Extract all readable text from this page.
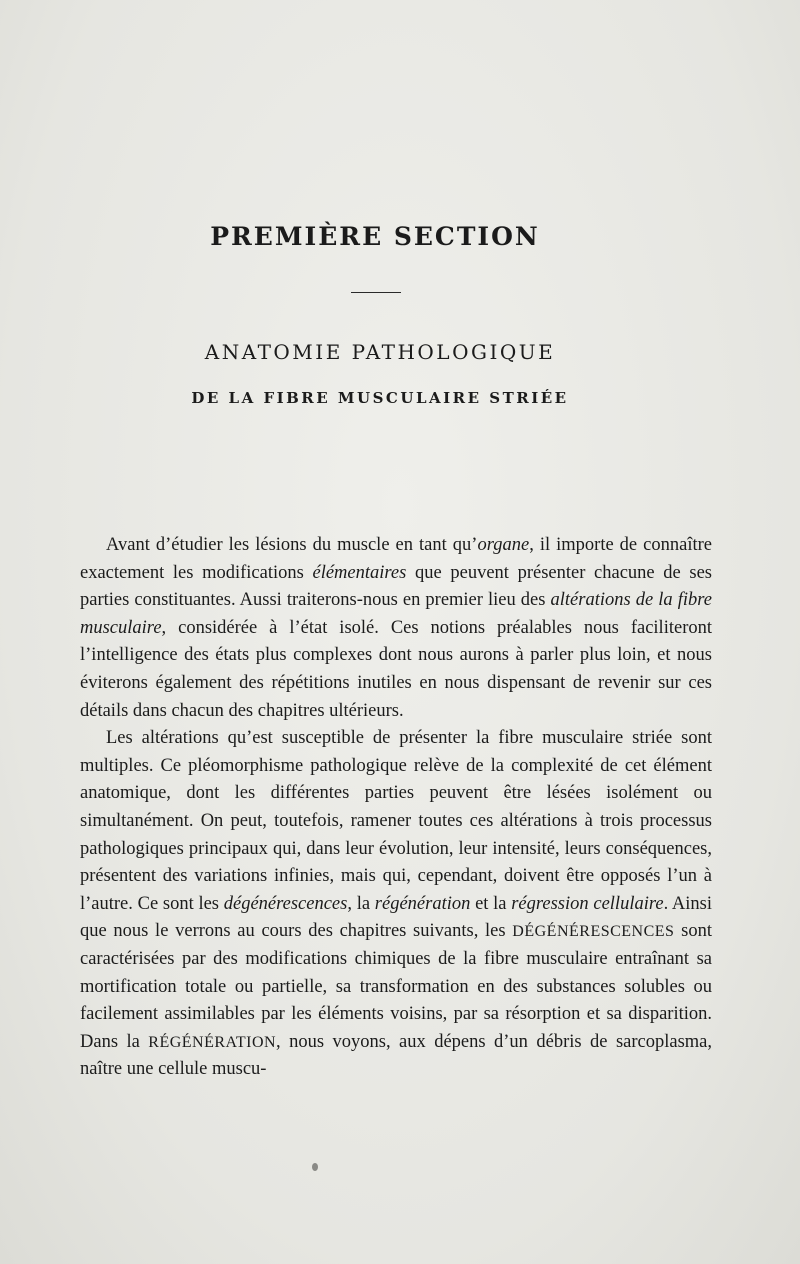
PREMIÈRE SECTION
ANATOMIE PATHOLOGIQUE
DE LA FIBRE MUSCULAIRE STRIÉE

Avant d’étudier les lésions du muscle en tant qu’organe, il importe de connaître exactement les modifications élémentaires que peuvent présenter chacune de ses parties constituantes. Aussi traiterons-nous en premier lieu des altérations de la fibre musculaire, considérée à l’état isolé. Ces notions préalables nous faciliteront l’intelligence des états plus complexes dont nous aurons à parler plus loin, et nous éviterons également des répétitions inutiles en nous dispensant de revenir sur ces détails dans chacun des chapitres ultérieurs.

Les altérations qu’est susceptible de présenter la fibre musculaire striée sont multiples. Ce pléomorphisme pathologique relève de la complexité de cet élément anatomique, dont les différentes parties peuvent être lésées isolément ou simultanément. On peut, toutefois, ramener toutes ces altérations à trois processus pathologiques principaux qui, dans leur évolution, leur intensité, leurs conséquences, présentent des variations infinies, mais qui, cependant, doivent être opposés l’un à l’autre. Ce sont les dégénérescences, la régénération et la régression cellulaire. Ainsi que nous le verrons au cours des chapitres suivants, les DÉGÉNÉRESCENCES sont caractérisées par des modifications chimiques de la fibre musculaire entraînant sa mortification totale ou partielle, sa transformation en des substances solubles ou facilement assimilables par les éléments voisins, par sa résorption et sa disparition. Dans la RÉGÉNÉRATION, nous voyons, aux dépens d’un débris de sarcoplasma, naître une cellule muscu-
